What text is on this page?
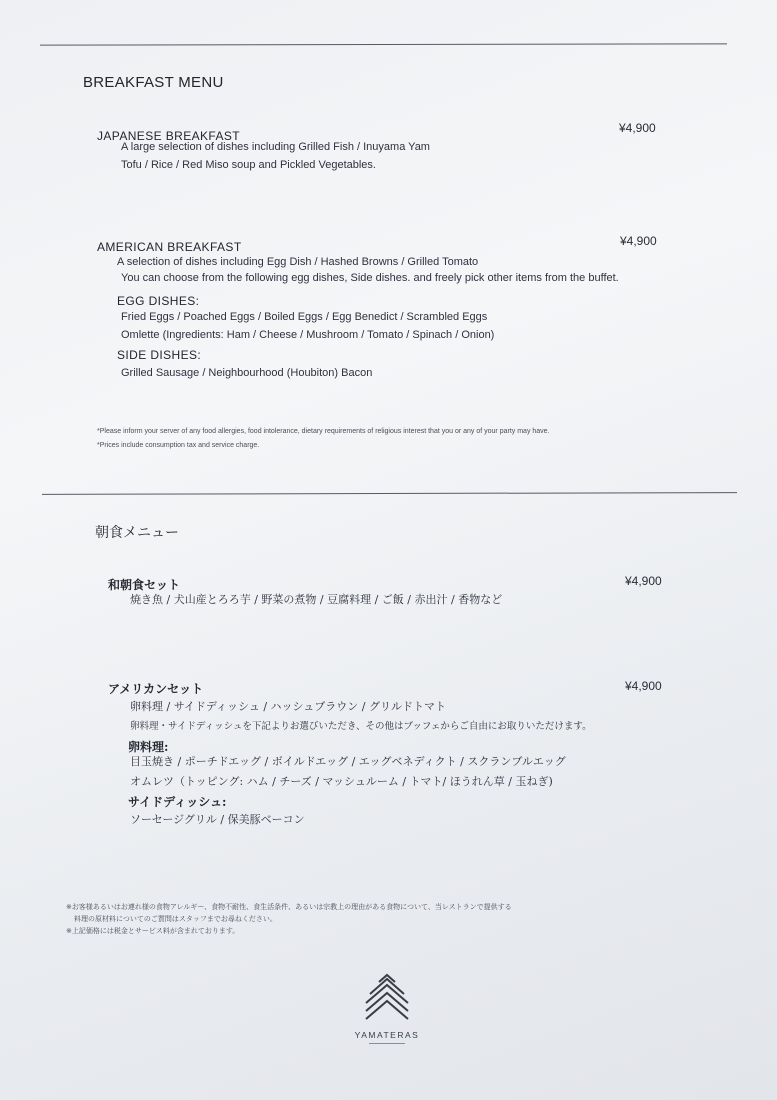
BREAKFAST MENU
JAPANESE BREAKFAST
¥4,900
A large selection of dishes including Grilled Fish / Inuyama Yam
Tofu / Rice / Red Miso soup and Pickled Vegetables.
AMERICAN BREAKFAST	¥4,900
A selection of dishes including Egg Dish / Hashed Browns / Grilled Tomato
You can choose from the following egg dishes, Side dishes. and freely pick other items from the buffet.
EGG DISHES:
Fried Eggs / Poached Eggs / Boiled Eggs / Egg Benedict / Scrambled Eggs
Omlette (Ingredients: Ham / Cheese / Mushroom / Tomato / Spinach / Onion)
SIDE DISHES:
Grilled Sausage / Neighbourhood (Houbiton) Bacon
*Please inform your server of any food allergies, food intolerance, dietary requirements of religious interest that you or any of your party may have.
*Prices include consumption tax and service charge.
朝食メニュー
和朝食セット	¥4,900
焼き魚 / 犬山産とろろ芋 / 野菜の煮物 / 豆腐料理 / ご飯 / 赤出汁 / 香物など
アメリカンセット	¥4,900
卵料理 / サイドディッシュ / ハッシュブラウン / グリルドトマト
卵料理・サイドディッシュを下記よりお選びいただき、その他はブッフェからご自由にお取りいただけます。
卵料理:
目玉焼き / ポーチドエッグ / ボイルドエッグ / エッグベネディクト / スクランブルエッグ
オムレツ（トッピング: ハム / チーズ / マッシュルーム / トマト/ ほうれん草 / 玉ねぎ)
サイドディッシュ:
ソーセージグリル / 保美豚ベーコン
※お客様あるいはお連れ様の食物アレルギー、食物不耐性、食生活条件、あるいは宗教上の理由がある食物について、当レストランで提供する
料理の原材料についてのご質問はスタッフまでお尋ねください。
※上記価格には税金とサービス料が含まれております。
YAMATERAS
